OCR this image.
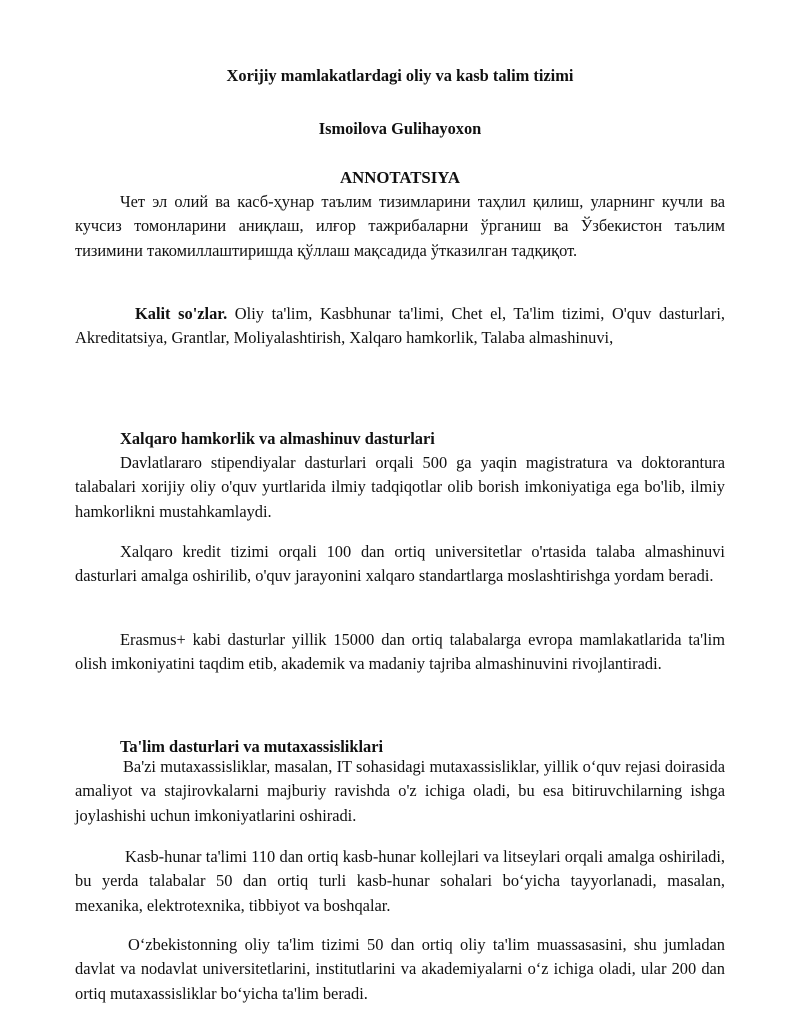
Xorijiy mamlakatlardagi oliy va kasb talim tizimi

Ismoilova Gulihayoxon

ANNOTATSIYA

Чет эл олий ва касб-ҳунар таълим тизимларини таҳлил қилиш, уларнинг кучли ва кучсиз томонларини аниқлаш, илғор тажрибаларни ўрганиш ва Ўзбекистон таълим тизимини такомиллаштиришда қўллаш мақсадида ўтказилган тадқиқот.

Kalit so'zlar. Oliy ta'lim, Kasbhunar ta'limi, Chet el, Ta'lim tizimi, O'quv dasturlari, Akreditatsiya, Grantlar, Moliyalashtirish, Xalqaro hamkorlik, Talaba almashinuvi,

Xalqaro hamkorlik va almashinuv dasturlari

Davlatlararo stipendiyalar dasturlari orqali 500 ga yaqin magistratura va doktorantura talabalari xorijiy oliy o'quv yurtlarida ilmiy tadqiqotlar olib borish imkoniyatiga ega bo'lib, ilmiy hamkorlikni mustahkamlaydi.

Xalqaro kredit tizimi orqali 100 dan ortiq universitetlar o'rtasida talaba almashinuvi dasturlari amalga oshirilib, o'quv jarayonini xalqaro standartlarga moslashtirishga yordam beradi.

Erasmus+ kabi dasturlar yillik 15000 dan ortiq talabalarga evropa mamlakatlarida ta'lim olish imkoniyatini taqdim etib, akademik va madaniy tajriba almashinuvini rivojlantiradi.

Ta'lim dasturlari va mutaxassisliklari

Ba'zi mutaxassisliklar, masalan, IT sohasidagi mutaxassisliklar, yillik o‘quv rejasi doirasida amaliyot va stajirovkalarni majburiy ravishda o'z ichiga oladi, bu esa bitiruvchilarning ishga joylashishi uchun imkoniyatlarini oshiradi.

Kasb-hunar ta'limi 110 dan ortiq kasb-hunar kollejlari va litseylari orqali amalga oshiriladi, bu yerda talabalar 50 dan ortiq turli kasb-hunar sohalari bo‘yicha tayyorlanadi, masalan, mexanika, elektrotexnika, tibbiyot va boshqalar.

O‘zbekistonning oliy ta'lim tizimi 50 dan ortiq oliy ta'lim muassasasini, shu jumladan davlat va nodavlat universitetlarini, institutlarini va akademiyalarni o‘z ichiga oladi, ular 200 dan ortiq mutaxassisliklar bo‘yicha ta'lim beradi.
